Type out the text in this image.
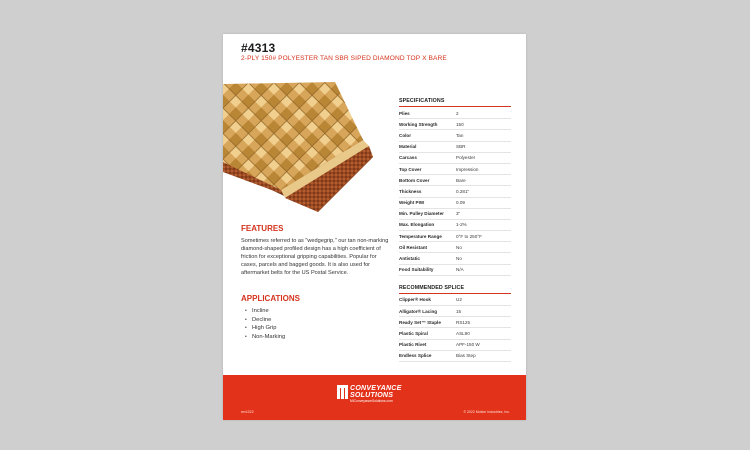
#4313
2-PLY 150# POLYESTER TAN SBR SIPED DIAMOND TOP X BARE
SPECIFICATIONS
Plies	2
Working Strength	150
Color	Tan
Material	SBR
Carcass	Polyester
Top Cover	Impression
Bottom Cover	Bare
Thickness	0.281"
Weight PIW	0.09
Min. Pulley Diameter	3"
Max. Elongation	1-2%
Temperature Range	0°F to 250°F
Oil Resistant	No
Antistatic	No
Food Suitability	N/A
RECOMMENDED SPLICE
Clipper® Hook	U2
Alligator® Lacing	15
Ready Set™ Staple	RS125
Plastic Spiral	ASL90
Plastic Rivet	APF-150 W
Endless Splice	Bias Step
FEATURES
Sometimes referred to as "wedgegrip," our tan non-marking diamond-shaped profiled design has a high coefficient of friction for exceptional gripping capabilities. Popular for cases, parcels and bagged goods. It is also used for aftermarket belts for the US Postal Service.
APPLICATIONS
• Incline
• Decline
• High Grip
• Non-Marking
CONVEYANCE
SOLUTIONS
MIConveyanceSolutions.com
rev1022	© 2022 Motion Industries, Inc.
